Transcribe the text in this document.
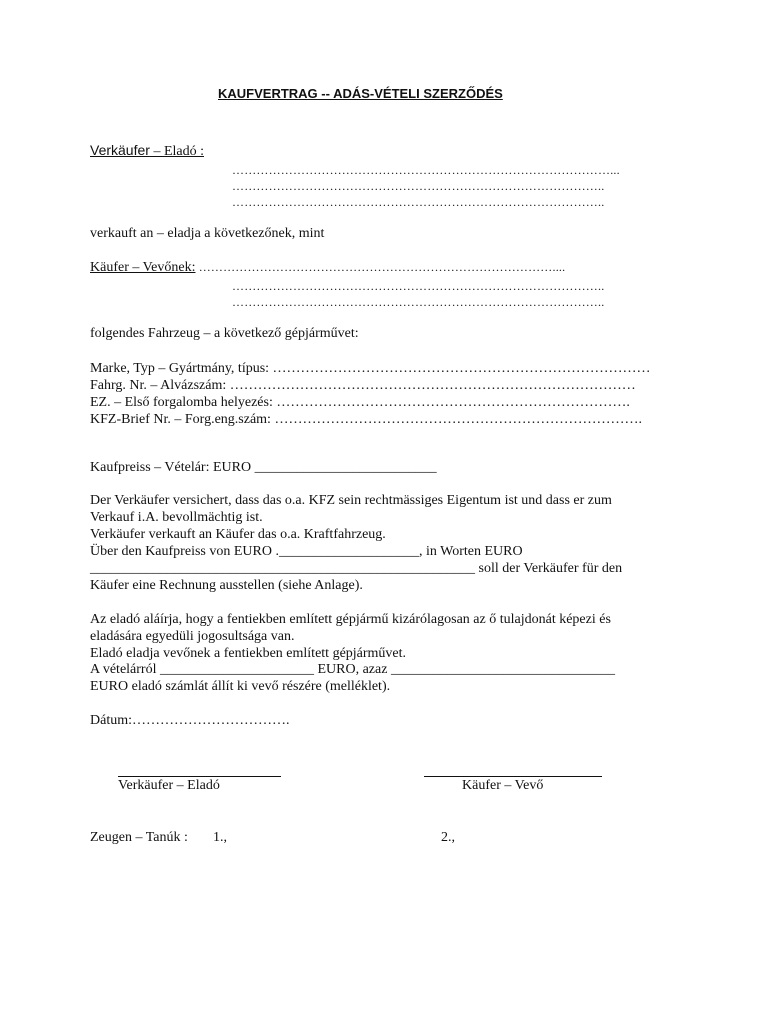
KAUFVERTRAG -- ADÁS-VÉTELI SZERZŐDÉS
Verkäufer – Eladó :
…………………………………………………………………………………...
………………………………………………………………………………..
………………………………………………………………………………..
verkauft an – eladja a következőnek, mint
Käufer – Vevőnek: ……………………………………………………………………………....
………………………………………………………………………………..
………………………………………………………………………………..
folgendes Fahrzeug – a következő gépjárművet:
Marke, Typ – Gyártmány, típus: ………………………………………………………………………
Fahrg. Nr. – Alvázszám: ……………………………………………………………………………
EZ. – Első forgalomba helyezés: ………………………………………………………………….
KFZ-Brief Nr. – Forg.eng.szám: …………………………………………………………………….
Kaufpreiss – Vételár: EURO __________________________
Der Verkäufer versichert, dass das o.a. KFZ sein rechtmässiges Eigentum ist und dass er zum
Verkauf i.A. bevollmächtig ist.
Verkäufer verkauft an Käufer das o.a. Kraftfahrzeug.
Über den Kaufpreiss von EURO .____________________, in Worten EURO
_______________________________________________________ soll der Verkäufer für den
Käufer eine Rechnung ausstellen (siehe Anlage).
Az eladó aláírja, hogy a fentiekben említett gépjármű kizárólagosan az ő tulajdonát képezi és
eladására egyedüli jogosultsága van.
Eladó eladja vevőnek a fentiekben említett gépjárművet.
A vételárról ______________________ EURO, azaz ________________________________
EURO eladó számlát állít ki vevő részére (melléklet).
Dátum:…………………………….
Verkäufer – Eladó	Käufer – Vevő
Zeugen – Tanúk : 1.,	2.,
